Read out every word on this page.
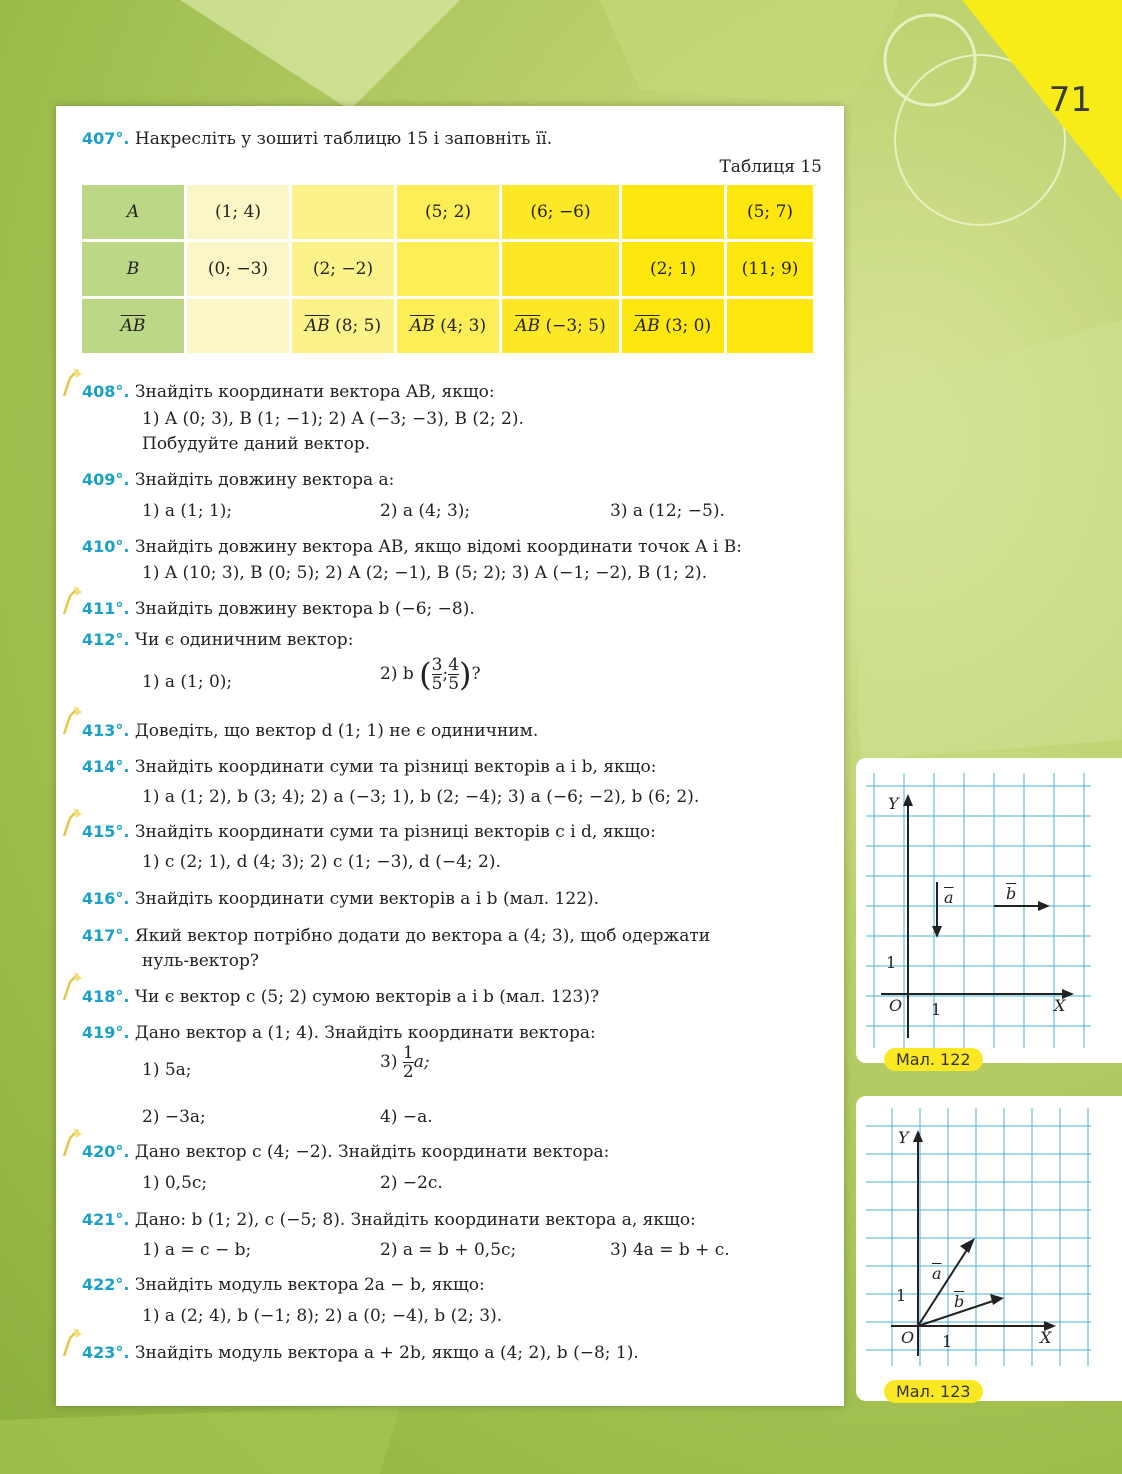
71
407°. Накресліть у зошиті таблицю 15 і заповніть її.
Таблиця 15
A	(1; 4)		(5; 2)	(6; −6)		(5; 7)
B	(0; −3)	(2; −2)			(2; 1)	(11; 9)
$\overline{AB}$		$\overline{AB}$ (8; 5)	$\overline{AB}$ (4; 3)	$\overline{AB}$ (−3; 5)	$\overline{AB}$ (3; 0)	
408°. Знайдіть координати вектора AB, якщо:
1) A (0; 3), B (1; −1); 2) A (−3; −3), B (2; 2).
Побудуйте даний вектор.
409°. Знайдіть довжину вектора a:
1) a (1; 1);	2) a (4; 3);	3) a (12; −5).
410°. Знайдіть довжину вектора AB, якщо відомі координати точок A і B:
1) A (10; 3), B (0; 5); 2) A (2; −1), B (5; 2); 3) A (−1; −2), B (1; 2).
411°. Знайдіть довжину вектора b (−6; −8).
412°. Чи є одиничним вектор:
1) a (1; 0);	2) b ( $\frac{3}{5}$ ; $\frac{4}{5}$ )?
413°. Доведіть, що вектор d (1; 1) не є одиничним.
414°. Знайдіть координати суми та різниці векторів a і b, якщо:
1) a (1; 2), b (3; 4); 2) a (−3; 1), b (2; −4); 3) a (−6; −2), b (6; 2).
415°. Знайдіть координати суми та різниці векторів c і d, якщо:
1) c (2; 1), d (4; 3); 2) c (1; −3), d (−4; 2).
416°. Знайдіть координати суми векторів a і b (мал. 122).
417°. Який вектор потрібно додати до вектора a (4; 3), щоб одержати
нуль-вектор?
418°. Чи є вектор c (5; 2) сумою векторів a і b (мал. 123)?
419°. Дано вектор a (1; 4). Знайдіть координати вектора:
1) 5a;	$3) \frac{1}{2} a$;
2) −3a;	4) −a.
420°. Дано вектор c (4; −2). Знайдіть координати вектора:
1) 0,5c;	2) −2c.
421°. Дано: b (1; 2), c (−5; 8). Знайдіть координати вектора a, якщо:
1) a = c − b;	2) a = b + 0,5c;	3) 4a = b + c.
422°. Знайдіть модуль вектора 2a − b, якщо:
1) a (2; 4), b (−1; 8); 2) a (0; −4), b (2; 3).
423°. Знайдіть модуль вектора a + 2b, якщо a (4; 2), b (−8; 1).
Y
X
O 1
1
$\overline{a}$	$\overline{b}$
Мал. 122
Y
X
O 1
1
$\overline{a}$
$\overline{b}$
Мал. 123
